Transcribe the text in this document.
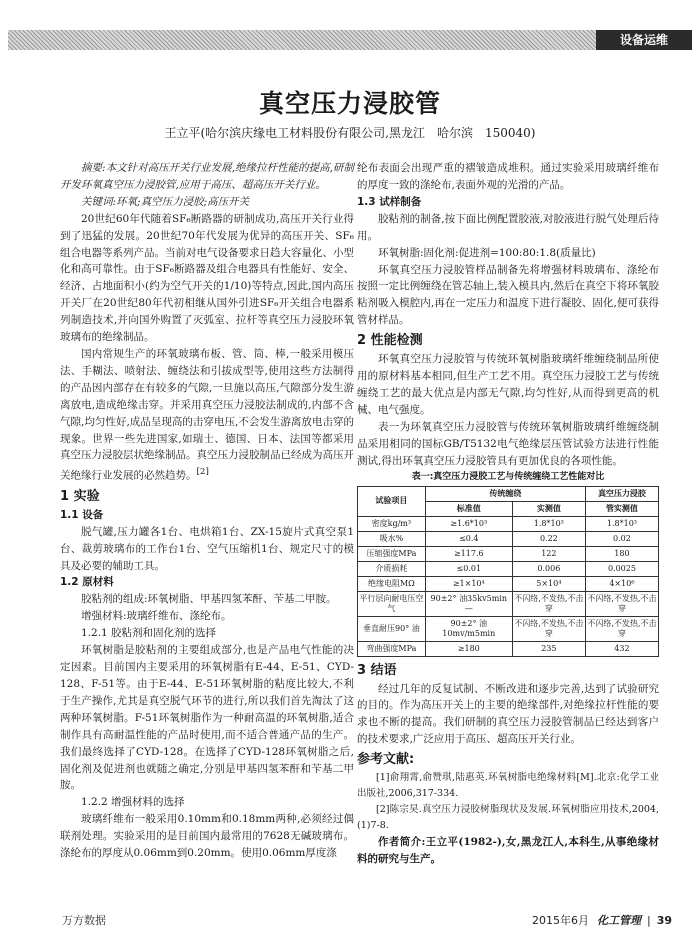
设备运维
真空压力浸胶管
王立平(哈尔滨庆缘电工材料股份有限公司,黑龙江　哈尔滨　150040)

摘要:本文针对高压开关行业发展,绝缘拉杆性能的提高,研制开发环氧真空压力浸胶管,应用于高压、超高压开关行业。

关键词:环氧;真空压力浸胶;高压开关

20世纪60年代随着SF₆断路器的研制成功,高压开关行业得到了迅猛的发展。20世纪70年代发展为优异的高压开关、SF₆组合电器等系列产品。当前对电气设备要求日趋大容量化、小型化和高可靠性。由于SF₆断路器及组合电器具有性能好、安全、经济、占地面积小(约为空气开关的1/10)等特点,因此,国内高压开关厂在20世纪80年代初相继从国外引进SF₆开关组合电器系列制造技术,并向国外购置了灭弧室、拉杆等真空压力浸胶环氧玻璃布的绝缘制品。

国内常规生产的环氧玻璃布板、管、筒、棒,一般采用模压法、手糊法、喷射法、缠绕法和引拔成型等,使用这些方法制得的产品因内部存在有较多的气隙,一旦施以高压,气隙部分发生游离放电,造成绝缘击穿。并采用真空压力浸胶法制成的,内部不含气隙,均匀性好,成品呈现高的击穿电压,不会发生游离放电击穿的现象。世界一些先进国家,如瑞士、德国、日本、法国等都采用真空压力浸胶层状绝缘制品。真空压力浸胶制品已经成为高压开关绝缘行业发展的必然趋势。[2]

1 实验
1.1 设备

脱气罐,压力罐各1台、电烘箱1台、ZX-15旋片式真空泵1台、裁剪玻璃布的工作台1台、空气压缩机1台、规定尺寸的模具及必要的辅助工具。

1.2 原材料

胶粘剂的组成:环氧树脂、甲基四氢苯酐、苄基二甲胺。

增强材料:玻璃纤维布、涤纶布。

1.2.1 胶粘剂和固化剂的选择

环氧树脂是胶粘剂的主要组成部分,也是产品电气性能的决定因素。目前国内主要采用的环氧树脂有E-44、E-51、CYD-128、F-51等。由于E-44、E-51环氧树脂的粘度比较大,不利于生产操作,尤其是真空脱气环节的进行,所以我们首先淘汰了这两种环氧树脂。F-51环氧树脂作为一种耐高温的环氧树脂,适合制作具有高耐温性能的产品时使用,而不适合普通产品的生产。我们最终选择了CYD-128。在选择了CYD-128环氧树脂之后,固化剂及促进剂也就随之确定,分别是甲基四氢苯酐和苄基二甲胺。

1.2.2 增强材料的选择

玻璃纤维布一般采用0.10mm和0.18mm两种,必须经过偶联剂处理。实验采用的是目前国内最常用的7628无碱玻璃布。涤纶布的厚度从0.06mm到0.20mm。使用0.06mm厚度涤

纶布表面会出现严重的褶皱造成堆积。通过实验采用玻璃纤维布的厚度一致的涤纶布,表面外观的光滑的产品。

1.3 试样制备

胶粘剂的制备,按下面比例配置胶液,对胶液进行脱气处理后待用。

环氧树脂:固化剂:促进剂=100:80:1.8(质量比)

环氧真空压力浸胶管样品制备先将增强材料玻璃布、涤纶布按照一定比例缠绕在管芯轴上,装入模具内,然后在真空下将环氧胶粘剂吸入模腔内,再在一定压力和温度下进行凝胶、固化,便可获得管材样品。

2 性能检测

环氧真空压力浸胶管与传统环氧树脂玻璃纤维缠绕制品所使用的原材料基本相同,但生产工艺不用。真空压力浸胶工艺与传统缠绕工艺的最大优点是内部无气隙,均匀性好,从而得到更高的机械、电气强度。

表一为环氧真空压力浸胶管与传统环氧树脂玻璃纤维缠绕制品采用相同的国标GB/T5132电气绝缘层压管试验方法进行性能测试,得出环氧真空压力浸胶管具有更加优良的各项性能。

表一:真空压力浸胶工艺与传统缠绕工艺性能对比
试验项目	传统缠绕		真空压力浸胶
	标准值	实测值	管实测值
密度kg/m³	≥1.6*10³	1.8*10³	1.8*10³
吸水%	≤0.4	0.22	0.02
压缩强度MPa	≥117.6	122	180
介质损耗	≤0.01	0.006	0.0025
绝缘电阻MΩ	≥1×10⁴	5×10⁴	4×10⁶
平行层向耐电压空气	90±2° 油35kv5min —	不闪络,不发热,不击穿	不闪络,不发热,不击穿
垂直耐压90° 油	90±2° 油10mv/m5min	不闪络,不发热,不击穿	不闪络,不发热,不击穿
弯曲强度MPa	≥180	235	432
3 结语

经过几年的反复试制、不断改进和逐步完善,达到了试验研究的目的。作为高压开关上的主要的绝缘部件,对绝缘拉杆性能的要求也不断的提高。我们研制的真空压力浸胶管制品已经达到客户的技术要求,广泛应用于高压、超高压开关行业。

参考文献:

[1]俞翔霄,俞赞琪,陆惠英.环氧树脂电绝缘材料[M].北京:化学工业出版社,2006,317-334.

[2]陈宗昊.真空压力浸胶树脂现状及发展.环氧树脂应用技术,2004,(1)7-8.

作者简介:王立平(1982-),女,黑龙江人,本科生,从事绝缘材料的研究与生产。

万方数据	2015年6月 化工管理 | 39
